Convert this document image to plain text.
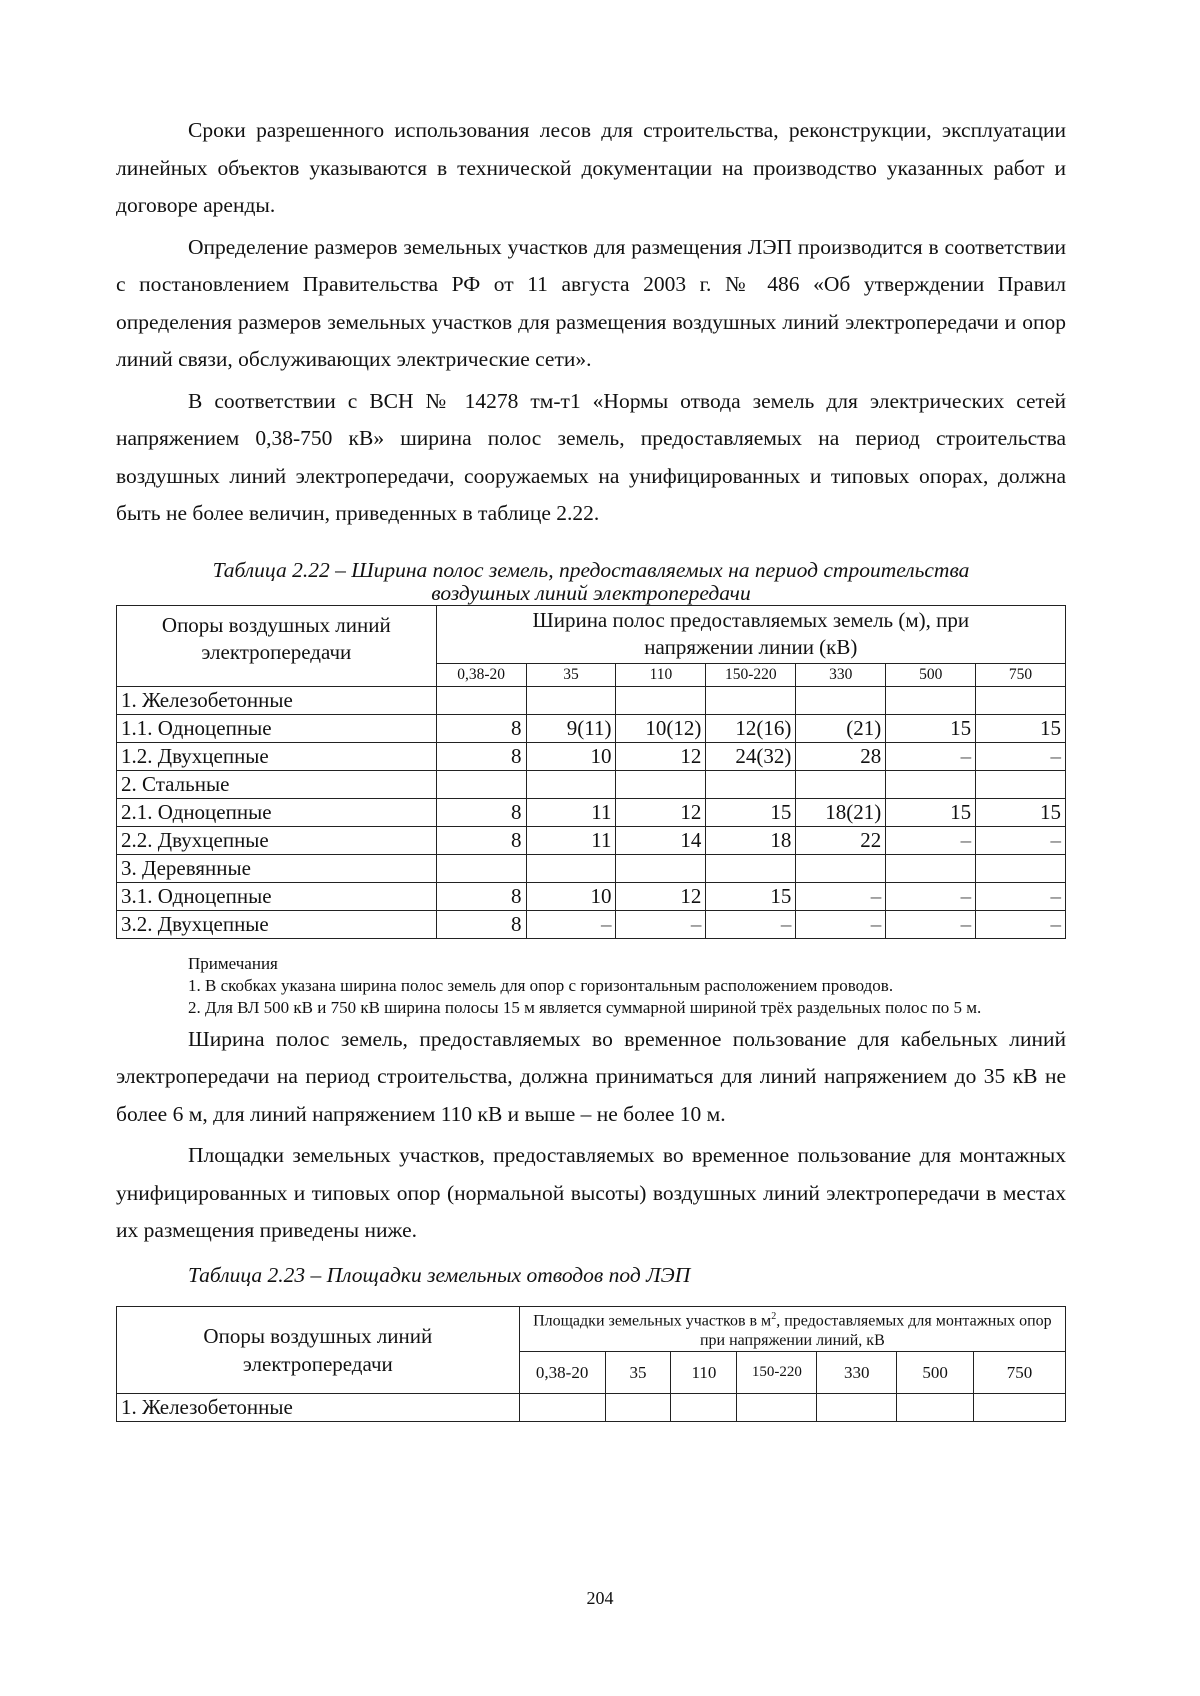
Сроки разрешенного использования лесов для строительства, реконструкции, эксплуатации линейных объектов указываются в технической документации на производство указанных работ и договоре аренды.

Определение размеров земельных участков для размещения ЛЭП производится в соответствии с постановлением Правительства РФ от 11 августа 2003 г. № 486 «Об утверждении Правил определения размеров земельных участков для размещения воздушных линий электропередачи и опор линий связи, обслуживающих электрические сети».

В соответствии с ВСН № 14278 тм-т1 «Нормы отвода земель для электрических сетей напряжением 0,38-750 кВ» ширина полос земель, предоставляемых на период строительства воздушных линий электропередачи, сооружаемых на унифицированных и типовых опорах, должна быть не более величин, приведенных в таблице 2.22.

Таблица 2.22 – Ширина полос земель, предоставляемых на период строительства
воздушных линий электропередачи

Опоры воздушных линий электропередачи	Ширина полос предоставляемых земель (м), при напряжении линии (кВ)						
	0,38-20	35	110	150-220	330	500	750
1. Железобетонные							
1.1. Одноцепные	8	9(11)	10(12)	12(16)	(21)	15	15
1.2. Двухцепные	8	10	12	24(32)	28	–	–
2. Стальные							
2.1. Одноцепные	8	11	12	15	18(21)	15	15
2.2. Двухцепные	8	11	14	18	22	–	–
3. Деревянные							
3.1. Одноцепные	8	10	12	15	–	–	–
3.2. Двухцепные	8	–	–	–	–	–	–
Примечания
1. В скобках указана ширина полос земель для опор с горизонтальным расположением проводов.
2. Для ВЛ 500 кВ и 750 кВ ширина полосы 15 м является суммарной шириной трёх раздельных полос по 5 м.

Ширина полос земель, предоставляемых во временное пользование для кабельных линий электропередачи на период строительства, должна приниматься для линий напряжением до 35 кВ не более 6 м, для линий напряжением 110 кВ и выше – не более 10 м.

Площадки земельных участков, предоставляемых во временное пользование для монтажных унифицированных и типовых опор (нормальной высоты) воздушных линий электропередачи в местах их размещения приведены ниже.

Таблица 2.23 – Площадки земельных отводов под ЛЭП

Опоры воздушных линий электропередачи	Площадки земельных участков в $м^2$, предоставляемых для монтажных опор при напряжении линий, кВ						
	0,38-20	35	110	150-220	330	500	750
1. Железобетонные							
204
